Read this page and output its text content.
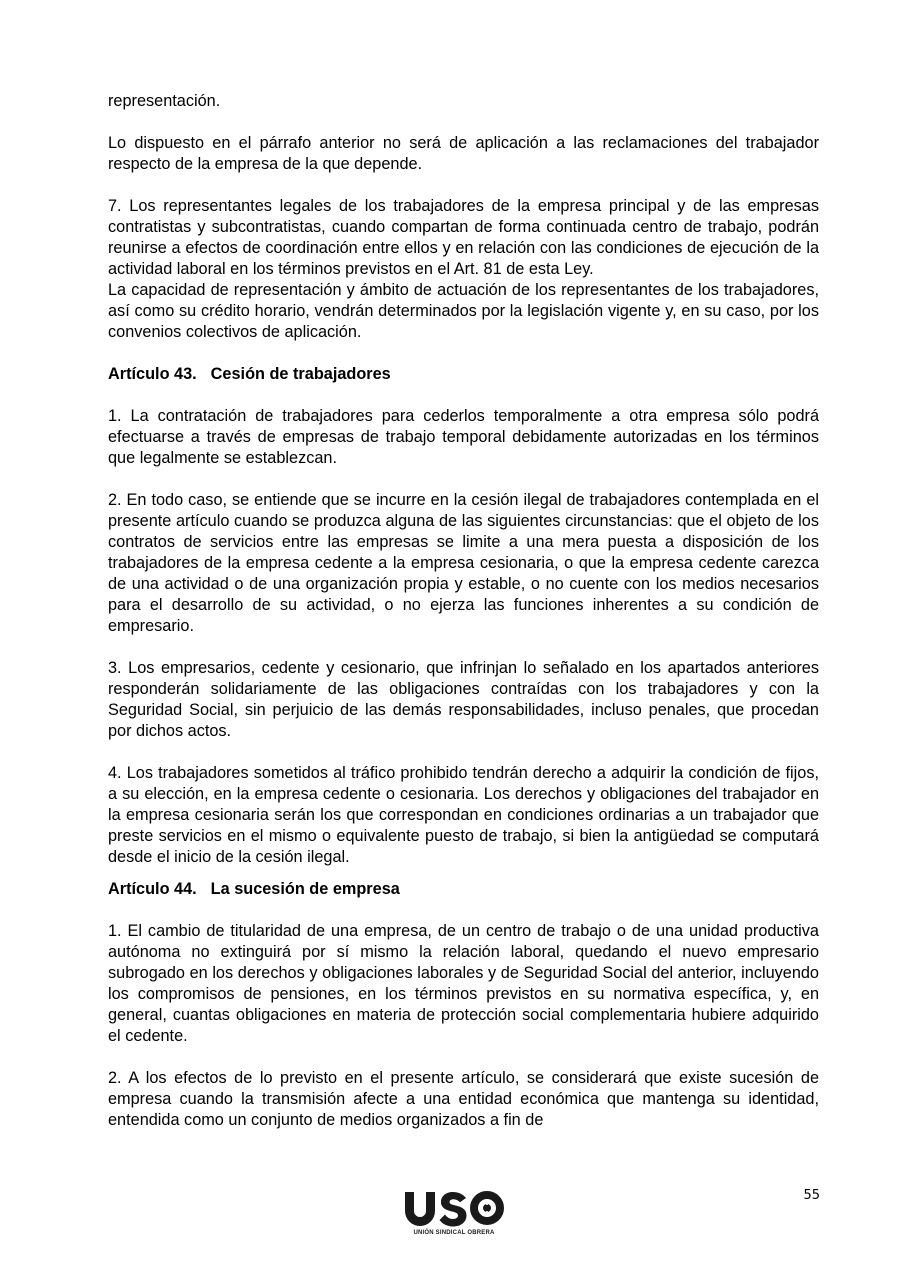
representación.

Lo dispuesto en el párrafo anterior no será de aplicación a las reclamaciones del trabajador respecto de la empresa de la que depende.

7. Los representantes legales de los trabajadores de la empresa principal y de las empresas contratistas y subcontratistas, cuando compartan de forma continuada centro de trabajo, podrán reunirse a efectos de coordinación entre ellos y en relación con las condiciones de ejecución de la actividad laboral en los términos previstos en el Art. 81 de esta Ley.

La capacidad de representación y ámbito de actuación de los representantes de los trabajadores, así como su crédito horario, vendrán determinados por la legislación vigente y, en su caso, por los convenios colectivos de aplicación.

Artículo 43. Cesión de trabajadores

1. La contratación de trabajadores para cederlos temporalmente a otra empresa sólo podrá efectuarse a través de empresas de trabajo temporal debidamente autorizadas en los términos que legalmente se establezcan.

2. En todo caso, se entiende que se incurre en la cesión ilegal de trabajadores contemplada en el presente artículo cuando se produzca alguna de las siguientes circunstancias: que el objeto de los contratos de servicios entre las empresas se limite a una mera puesta a disposición de los trabajadores de la empresa cedente a la empresa cesionaria, o que la empresa cedente carezca de una actividad o de una organización propia y estable, o no cuente con los medios necesarios para el desarrollo de su actividad, o no ejerza las funciones inherentes a su condición de empresario.

3. Los empresarios, cedente y cesionario, que infrinjan lo señalado en los apartados anteriores responderán solidariamente de las obligaciones contraídas con los trabajadores y con la Seguridad Social, sin perjuicio de las demás responsabilidades, incluso penales, que procedan por dichos actos.

4. Los trabajadores sometidos al tráfico prohibido tendrán derecho a adquirir la condición de fijos, a su elección, en la empresa cedente o cesionaria. Los derechos y obligaciones del trabajador en la empresa cesionaria serán los que correspondan en condiciones ordinarias a un trabajador que preste servicios en el mismo o equivalente puesto de trabajo, si bien la antigüedad se computará desde el inicio de la cesión ilegal.

Artículo 44. La sucesión de empresa

1. El cambio de titularidad de una empresa, de un centro de trabajo o de una unidad productiva autónoma no extinguirá por sí mismo la relación laboral, quedando el nuevo empresario subrogado en los derechos y obligaciones laborales y de Seguridad Social del anterior, incluyendo los compromisos de pensiones, en los términos previstos en su normativa específica, y, en general, cuantas obligaciones en materia de protección social complementaria hubiere adquirido el cedente.

2. A los efectos de lo previsto en el presente artículo, se considerará que existe sucesión de empresa cuando la transmisión afecte a una entidad económica que mantenga su identidad, entendida como un conjunto de medios organizados a fin de

55
UNIÓN SINDICAL OBRERA
